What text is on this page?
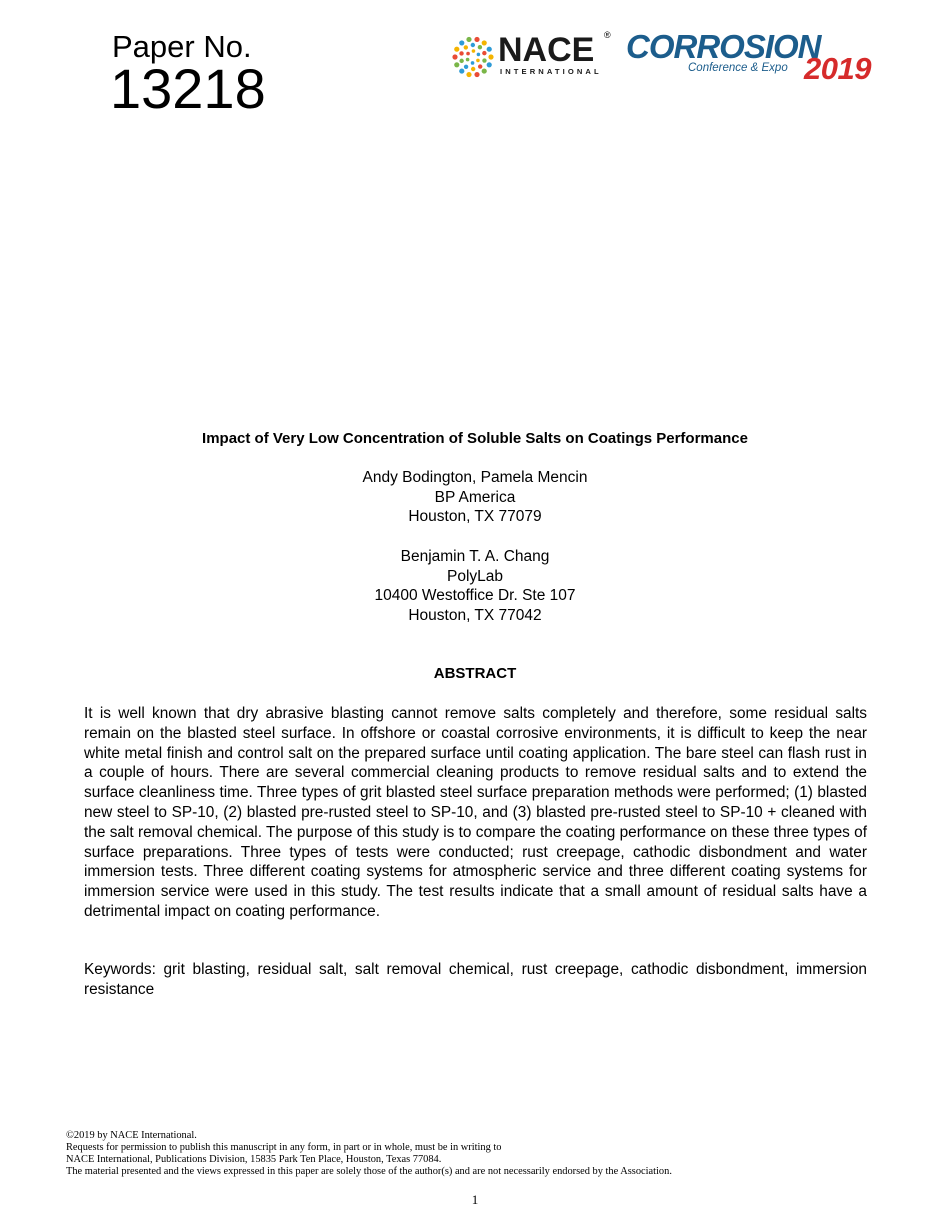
Paper No.
13218
NACE ®
INTERNATIONAL
CORROSION
Conference & Expo 2019
Impact of Very Low Concentration of Soluble Salts on Coatings Performance
Andy Bodington, Pamela Mencin
BP America
Houston, TX 77079
Benjamin T. A. Chang
PolyLab
10400 Westoffice Dr. Ste 107
Houston, TX 77042
ABSTRACT
It is well known that dry abrasive blasting cannot remove salts completely and therefore, some residual salts remain on the blasted steel surface. In offshore or coastal corrosive environments, it is difficult to keep the near white metal finish and control salt on the prepared surface until coating application. The bare steel can flash rust in a couple of hours. There are several commercial cleaning products to remove residual salts and to extend the surface cleanliness time. Three types of grit blasted steel surface preparation methods were performed; (1) blasted new steel to SP-10, (2) blasted pre-rusted steel to SP-10, and (3) blasted pre-rusted steel to SP-10 + cleaned with the salt removal chemical. The purpose of this study is to compare the coating performance on these three types of surface preparations. Three types of tests were conducted; rust creepage, cathodic disbondment and water immersion tests. Three different coating systems for atmospheric service and three different coating systems for immersion service were used in this study. The test results indicate that a small amount of residual salts have a detrimental impact on coating performance.
Keywords: grit blasting, residual salt, salt removal chemical, rust creepage, cathodic disbondment, immersion resistance
©2019 by NACE International.
Requests for permission to publish this manuscript in any form, in part or in whole, must be in writing to
NACE International, Publications Division, 15835 Park Ten Place, Houston, Texas 77084.
The material presented and the views expressed in this paper are solely those of the author(s) and are not necessarily endorsed by the Association.
1
